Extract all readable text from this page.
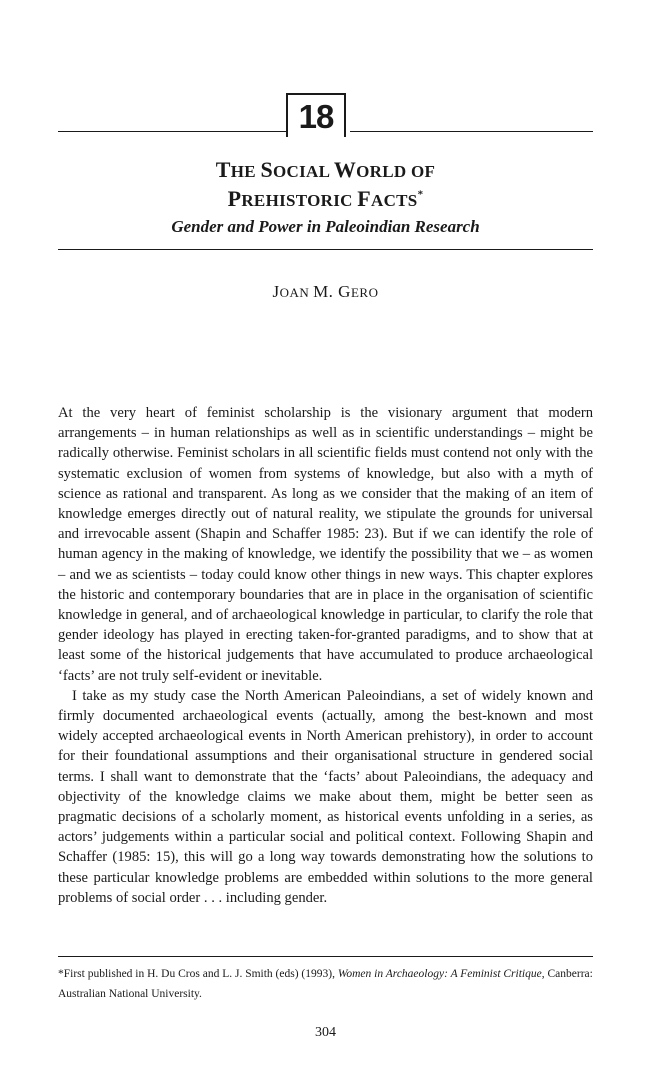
18
THE SOCIAL WORLD OF
PREHISTORIC FACTS*
Gender and Power in Paleoindian Research
JOAN M. GERO

At the very heart of feminist scholarship is the visionary argument that modern arrangements – in human relationships as well as in scientific understandings – might be radically otherwise. Feminist scholars in all scientific fields must contend not only with the systematic exclusion of women from systems of knowledge, but also with a myth of science as rational and transparent. As long as we consider that the making of an item of knowledge emerges directly out of natural reality, we stipulate the grounds for universal and irrevocable assent (Shapin and Schaffer 1985: 23). But if we can identify the role of human agency in the making of knowledge, we identify the possibility that we – as women – and we as scientists – today could know other things in new ways. This chapter explores the historic and contemporary boundaries that are in place in the organisation of scientific knowledge in general, and of archaeological knowledge in particular, to clarify the role that gender ideology has played in erecting taken-for-granted paradigms, and to show that at least some of the historical judgements that have accumulated to produce archaeological ‘facts’ are not truly self-evident or inevitable.

I take as my study case the North American Paleoindians, a set of widely known and firmly documented archaeological events (actually, among the best-known and most widely accepted archaeological events in North American prehistory), in order to account for their foundational assumptions and their organisational structure in gendered social terms. I shall want to demonstrate that the ‘facts’ about Paleoindians, the adequacy and objectivity of the knowledge claims we make about them, might be better seen as pragmatic decisions of a scholarly moment, as historical events unfolding in a series, as actors’ judgements within a particular social and political context. Following Shapin and Schaffer (1985: 15), this will go a long way towards demonstrating how the solutions to these particular knowledge problems are embedded within solutions to the more general problems of social order . . . including gender.

*First published in H. Du Cros and L. J. Smith (eds) (1993), Women in Archaeology: A Feminist Critique, Canberra: Australian National University.
304
